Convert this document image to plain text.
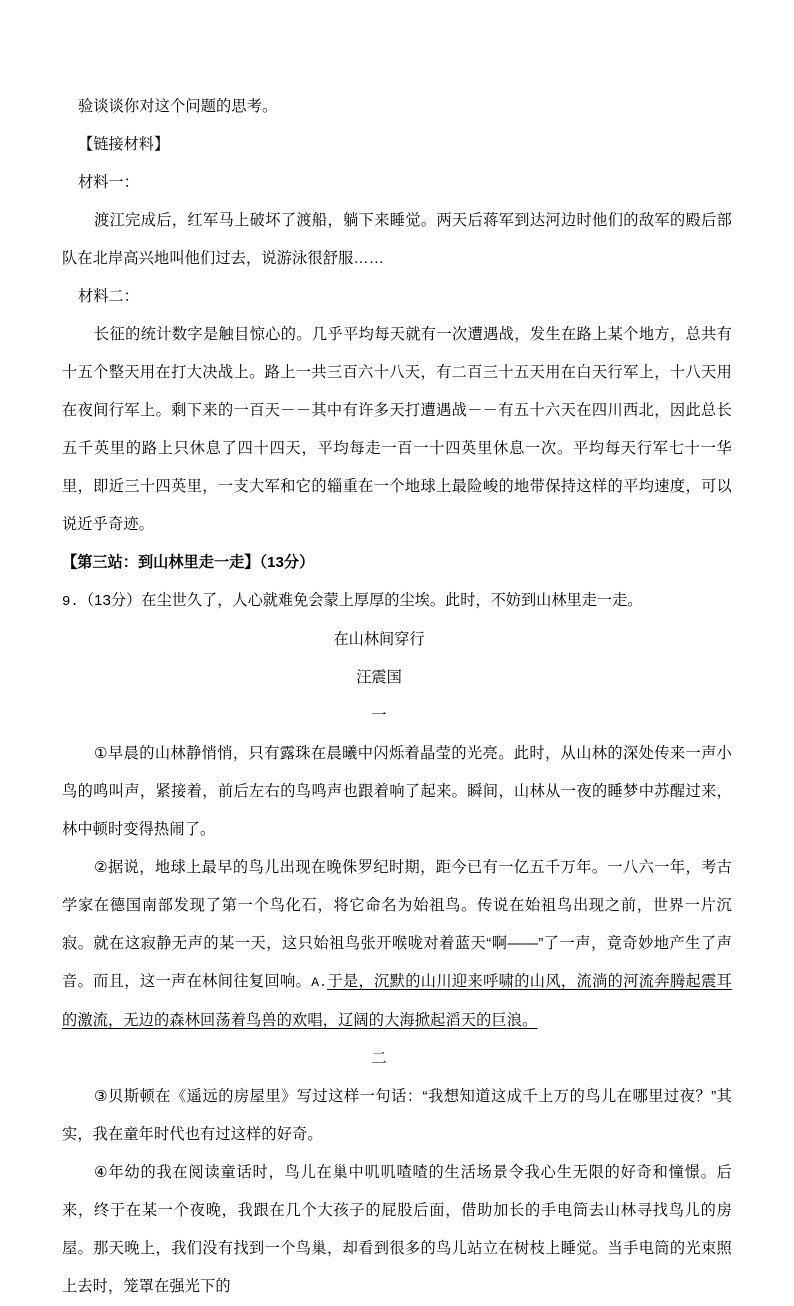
验谈谈你对这个问题的思考。

【链接材料】

材料一：

渡江完成后，红军马上破坏了渡船，躺下来睡觉。两天后蒋军到达河边时他们的敌军的殿后部队在北岸高兴地叫他们过去，说游泳很舒服……

材料二：

长征的统计数字是触目惊心的。几乎平均每天就有一次遭遇战，发生在路上某个地方，总共有十五个整天用在打大决战上。路上一共三百六十八天，有二百三十五天用在白天行军上，十八天用在夜间行军上。剩下来的一百天－－其中有许多天打遭遇战－－有五十六天在四川西北，因此总长五千英里的路上只休息了四十四天，平均每走一百一十四英里休息一次。平均每天行军七十一华里，即近三十四英里，一支大军和它的辎重在一个地球上最险峻的地带保持这样的平均速度，可以说近乎奇迹。

【第三站：到山林里走一走】（13分）

9.（13分）在尘世久了，人心就难免会蒙上厚厚的尘埃。此时，不妨到山林里走一走。

在山林间穿行

汪震国

一

①早晨的山林静悄悄，只有露珠在晨曦中闪烁着晶莹的光亮。此时，从山林的深处传来一声小鸟的鸣叫声，紧接着，前后左右的鸟鸣声也跟着响了起来。瞬间，山林从一夜的睡梦中苏醒过来，林中顿时变得热闹了。

②据说，地球上最早的鸟儿出现在晚侏罗纪时期，距今已有一亿五千万年。一八六一年，考古学家在德国南部发现了第一个鸟化石，将它命名为始祖鸟。传说在始祖鸟出现之前，世界一片沉寂。就在这寂静无声的某一天，这只始祖鸟张开喉咙对着蓝天“啊——”了一声，竟奇妙地产生了声音。而且，这一声在林间往复回响。A.于是，沉默的山川迎来呼啸的山风，流淌的河流奔腾起震耳的激流，无边的森林回荡着鸟兽的欢唱，辽阔的大海掀起滔天的巨浪。

二

③贝斯顿在《遥远的房屋里》写过这样一句话：“我想知道这成千上万的鸟儿在哪里过夜？”其实，我在童年时代也有过这样的好奇。

④年幼的我在阅读童话时，鸟儿在巢中叽叽喳喳的生活场景令我心生无限的好奇和憧憬。后来，终于在某一个夜晚，我跟在几个大孩子的屁股后面，借助加长的手电筒去山林寻找鸟儿的房屋。那天晚上，我们没有找到一个鸟巢，却看到很多的鸟儿站立在树枝上睡觉。当手电筒的光束照上去时，笼罩在强光下的
